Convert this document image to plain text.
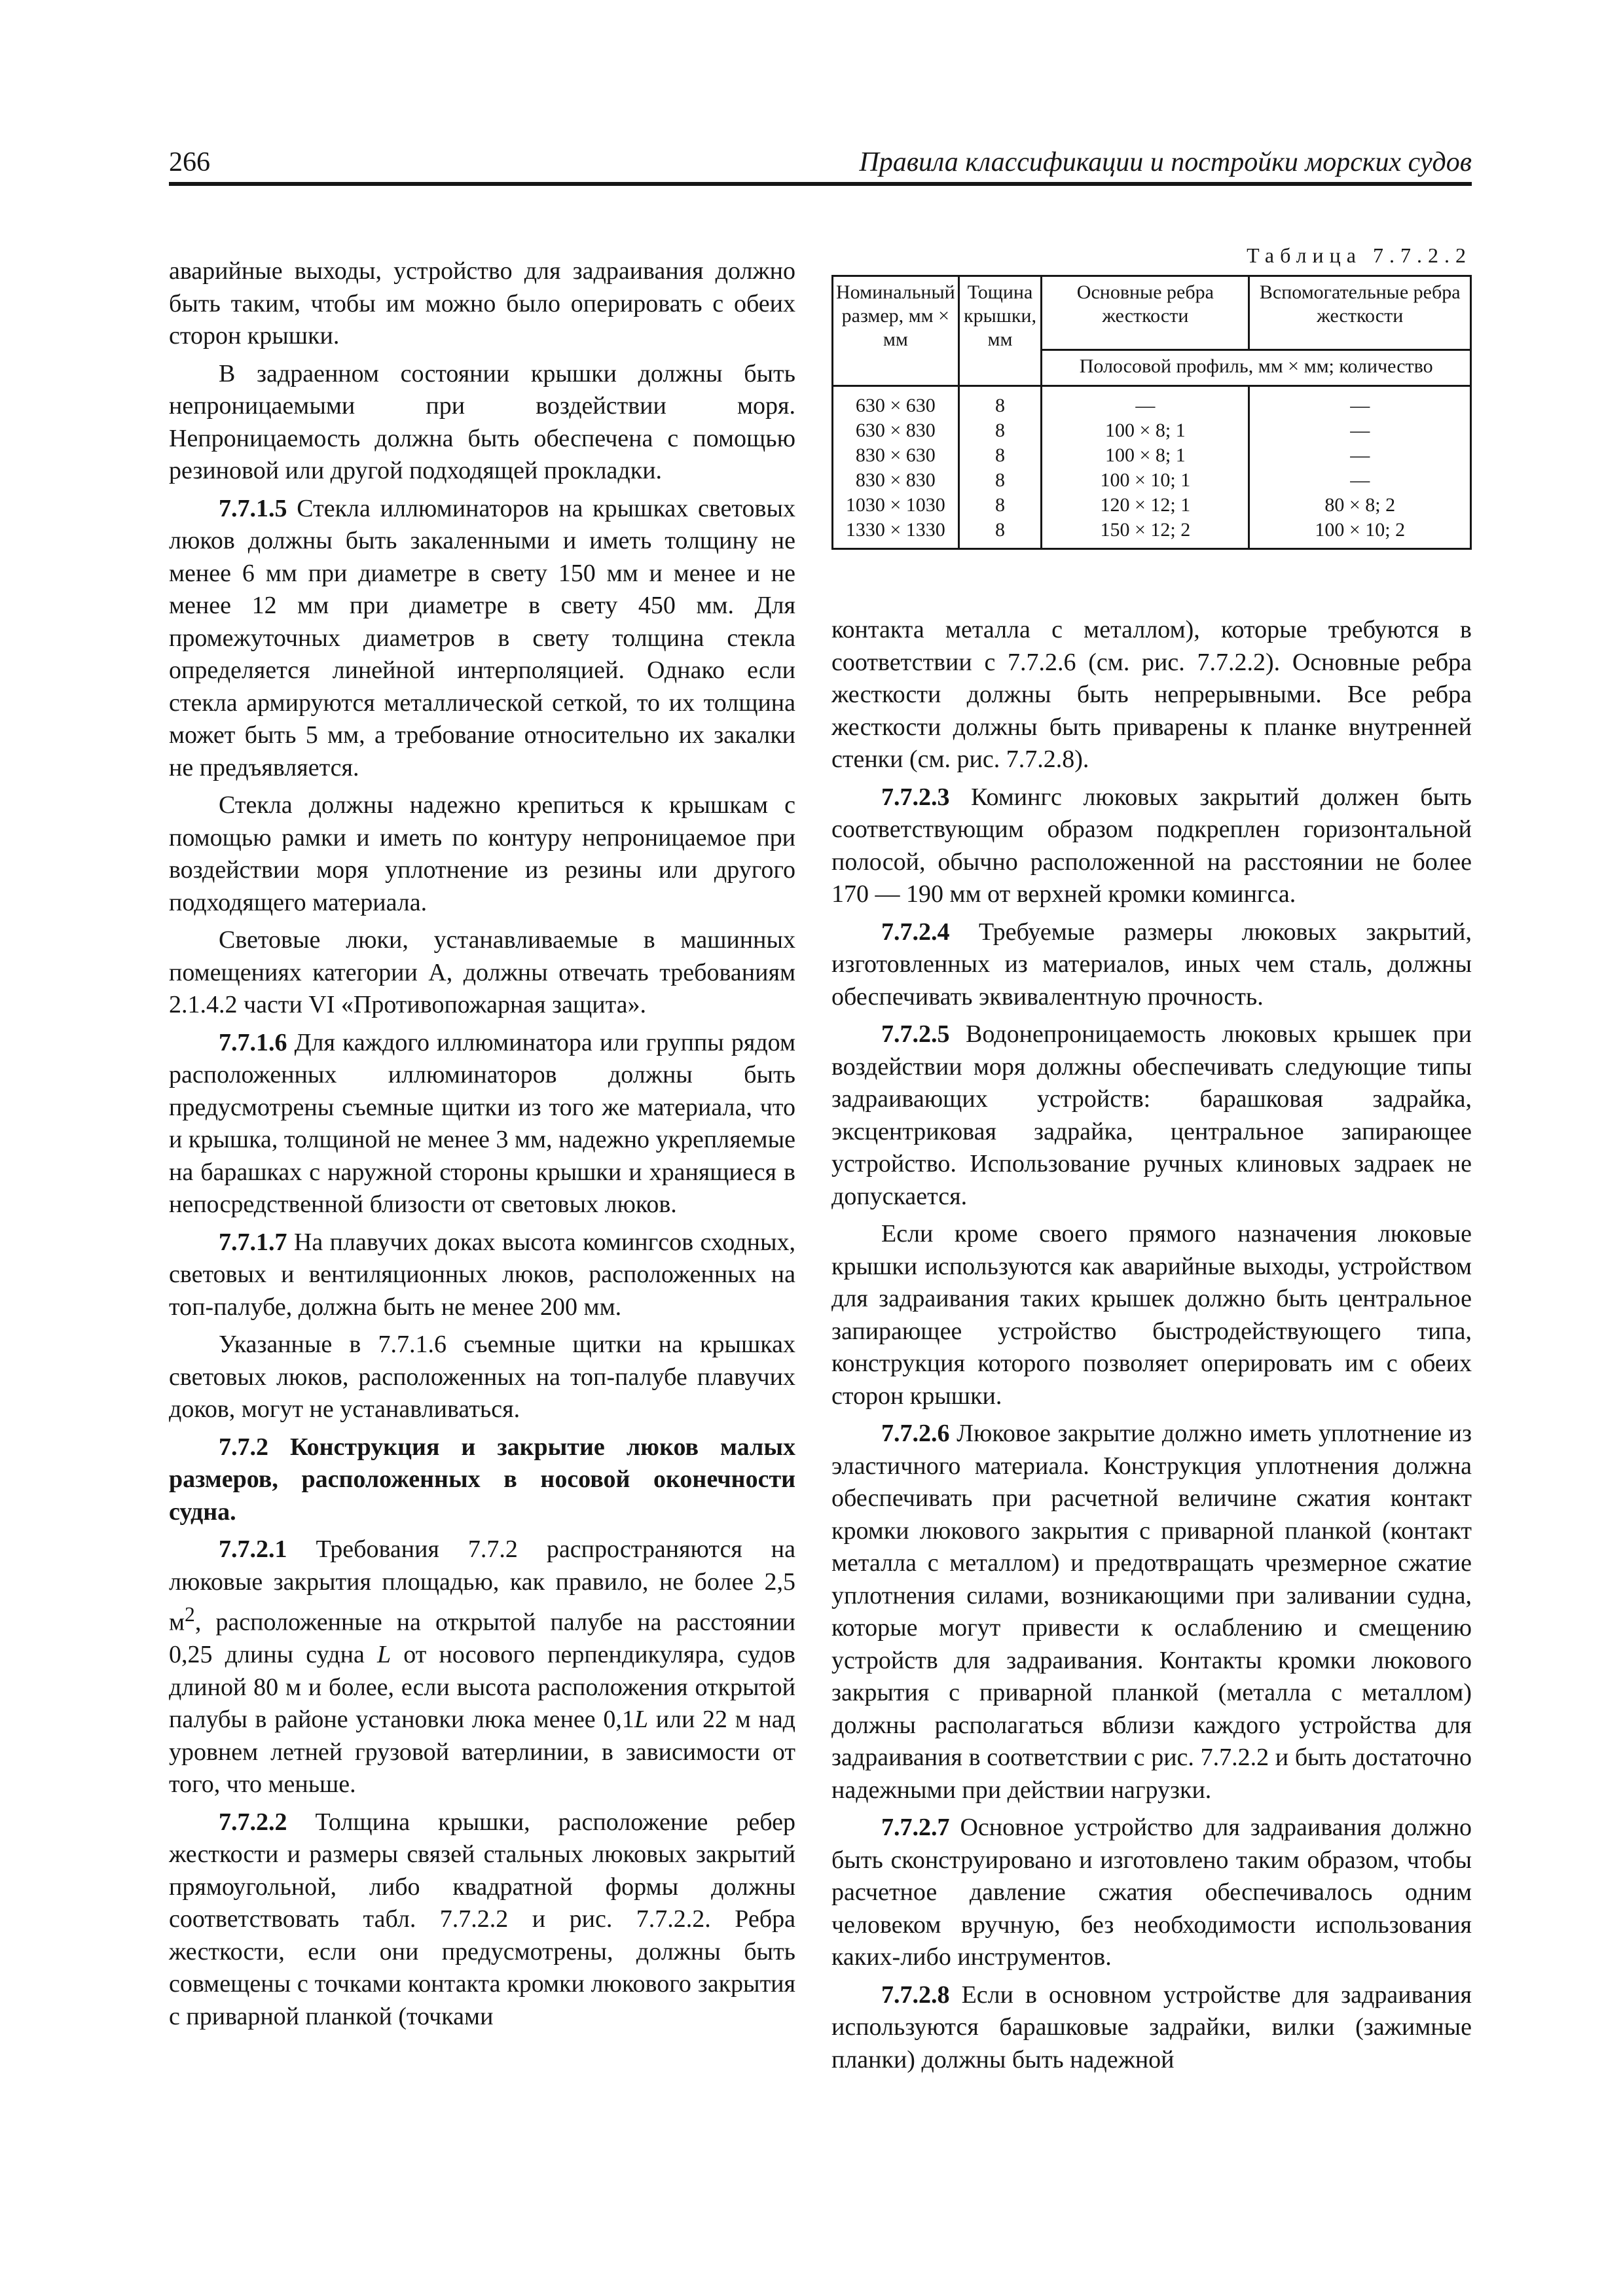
266	Правила классификации и постройки морских судов

аварийные выходы, устройство для задраивания должно быть таким, чтобы им можно было оперировать с обеих сторон крышки.

В задраенном состоянии крышки должны быть непроницаемыми при воздействии моря. Непроницаемость должна быть обеспечена с помощью резиновой или другой подходящей прокладки.

7.7.1.5 Стекла иллюминаторов на крышках световых люков должны быть закаленными и иметь толщину не менее 6 мм при диаметре в свету 150 мм и менее и не менее 12 мм при диаметре в свету 450 мм. Для промежуточных диаметров в свету толщина стекла определяется линейной интерполяцией. Однако если стекла армируются металлической сеткой, то их толщина может быть 5 мм, а требование относительно их закалки не предъявляется.

Стекла должны надежно крепиться к крышкам с помощью рамки и иметь по контуру непроницаемое при воздействии моря уплотнение из резины или другого подходящего материала.

Световые люки, устанавливаемые в машинных помещениях категории А, должны отвечать требованиям 2.1.4.2 части VI «Противопожарная защита».

7.7.1.6 Для каждого иллюминатора или группы рядом расположенных иллюминаторов должны быть предусмотрены съемные щитки из того же материала, что и крышка, толщиной не менее 3 мм, надежно укрепляемые на барашках с наружной стороны крышки и хранящиеся в непосредственной близости от световых люков.

7.7.1.7 На плавучих доках высота комингсов сходных, световых и вентиляционных люков, расположенных на топ-палубе, должна быть не менее 200 мм.

Указанные в 7.7.1.6 съемные щитки на крышках световых люков, расположенных на топ-палубе плавучих доков, могут не устанавливаться.

7.7.2 Конструкция и закрытие люков малых размеров, расположенных в носовой оконечности судна.

7.7.2.1 Требования 7.7.2 распространяются на люковые закрытия площадью, как правило, не более 2,5 $м^2$, расположенные на открытой палубе на расстоянии 0,25 длины судна L от носового перпендикуляра, судов длиной 80 м и более, если высота расположения открытой палубы в районе установки люка менее 0,1L или 22 м над уровнем летней грузовой ватерлинии, в зависимости от того, что меньше.

7.7.2.2 Толщина крышки, расположение ребер жесткости и размеры связей стальных люковых закрытий прямоугольной, либо квадратной формы должны соответствовать табл. 7.7.2.2 и рис. 7.7.2.2. Ребра жесткости, если они предусмотрены, должны быть совмещены с точками контакта кромки люкового закрытия с приварной планкой (точками

Таблица 7.7.2.2
Номинальный размер, мм × мм	Тощина крышки, мм	Основные ребра жесткости	Вспомогательные ребра жесткости
		Полосовой профиль, мм × мм; количество	
630 × 630	8	—	—
630 × 830	8	100 × 8; 1	—
830 × 630	8	100 × 8; 1	—
830 × 830	8	100 × 10; 1	—
1030 × 1030	8	120 × 12; 1	80 × 8; 2
1330 × 1330	8	150 × 12; 2	100 × 10; 2

контакта металла с металлом), которые требуются в соответствии с 7.7.2.6 (см. рис. 7.7.2.2). Основные ребра жесткости должны быть непрерывными. Все ребра жесткости должны быть приварены к планке внутренней стенки (см. рис. 7.7.2.8).

7.7.2.3 Комингс люковых закрытий должен быть соответствующим образом подкреплен горизонтальной полосой, обычно расположенной на расстоянии не более 170 — 190 мм от верхней кромки комингса.

7.7.2.4 Требуемые размеры люковых закрытий, изготовленных из материалов, иных чем сталь, должны обеспечивать эквивалентную прочность.

7.7.2.5 Водонепроницаемость люковых крышек при воздействии моря должны обеспечивать следующие типы задраивающих устройств: барашковая задрайка, эксцентриковая задрайка, центральное запирающее устройство. Использование ручных клиновых задраек не допускается.

Если кроме своего прямого назначения люковые крышки используются как аварийные выходы, устройством для задраивания таких крышек должно быть центральное запирающее устройство быстродействующего типа, конструкция которого позволяет оперировать им с обеих сторон крышки.

7.7.2.6 Люковое закрытие должно иметь уплотнение из эластичного материала. Конструкция уплотнения должна обеспечивать при расчетной величине сжатия контакт кромки люкового закрытия с приварной планкой (контакт металла с металлом) и предотвращать чрезмерное сжатие уплотнения силами, возникающими при заливании судна, которые могут привести к ослаблению и смещению устройств для задраивания. Контакты кромки люкового закрытия с приварной планкой (металла с металлом) должны располагаться вблизи каждого устройства для задраивания в соответствии с рис. 7.7.2.2 и быть достаточно надежными при действии нагрузки.

7.7.2.7 Основное устройство для задраивания должно быть сконструировано и изготовлено таким образом, чтобы расчетное давление сжатия обеспечивалось одним человеком вручную, без необходимости использования каких-либо инструментов.

7.7.2.8 Если в основном устройстве для задраивания используются барашковые задрайки, вилки (зажимные планки) должны быть надежной
